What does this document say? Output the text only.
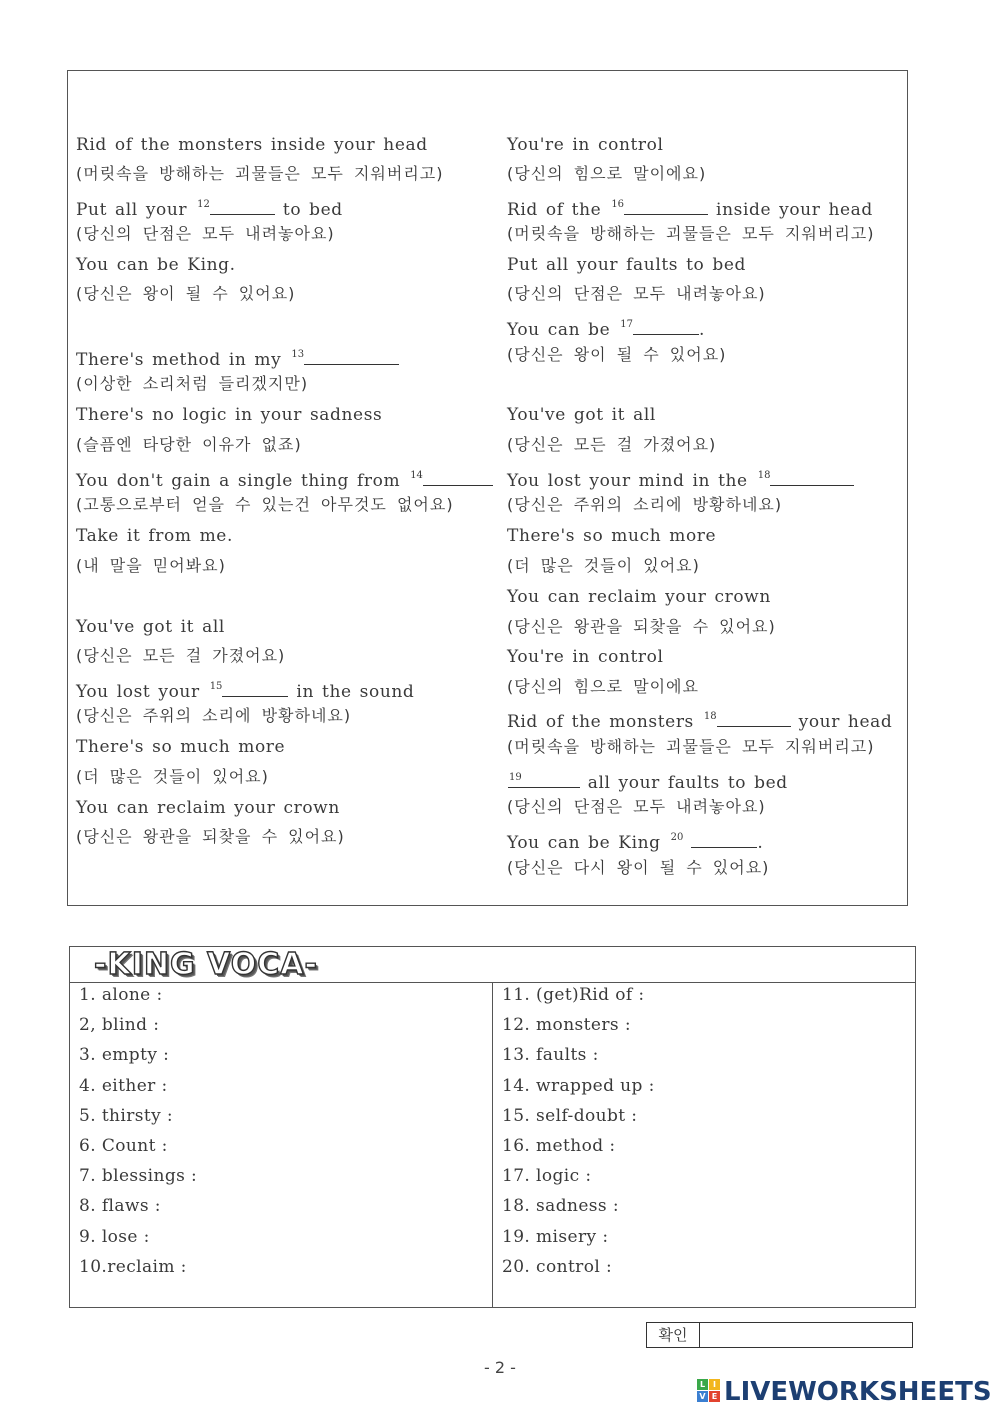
Rid of the monsters inside your head
(머릿속을 방해하는 괴물들은 모두 지워버리고)
Put all your $^{12}$	to bed
(당신의 단점은 모두 내려놓아요)
You can be King.
(당신은 왕이 될 수 있어요)
There's method in my $^{13}$
(이상한 소리처럼 들리겠지만)
There's no logic in your sadness
(슬픔엔 타당한 이유가 없죠)
You don't gain a single thing from $^{14}$
(고통으로부터 얻을 수 있는건 아무것도 없어요)
Take it from me.
(내 말을 믿어봐요)
You've got it all
(당신은 모든 걸 가졌어요)
You lost your $^{15}$	in the sound
(당신은 주위의 소리에 방황하네요)
There's so much more
(더 많은 것들이 있어요)
You can reclaim your crown
(당신은 왕관을 되찾을 수 있어요)
You're in control
(당신의 힘으로 말이에요)
Rid of the $^{16}$	inside your head
(머릿속을 방해하는 괴물들은 모두 지워버리고)
Put all your faults to bed
(당신의 단점은 모두 내려놓아요)
You can be $^{17}$	.
(당신은 왕이 될 수 있어요)
You've got it all
(당신은 모든 걸 가졌어요)
You lost your mind in the $^{18}$
(당신은 주위의 소리에 방황하네요)
There's so much more
(더 많은 것들이 있어요)
You can reclaim your crown
(당신은 왕관을 되찾을 수 있어요)
You're in control
(당신의 힘으로 말이에요
Rid of the monsters $^{18}$	your head
(머릿속을 방해하는 괴물들은 모두 지워버리고)
$^{19}$	all your faults to bed
(당신의 단점은 모두 내려놓아요)
You can be King $^{20}$	.
(당신은 다시 왕이 될 수 있어요)
-KING VOCA-
1. alone :
2, blind :
3. empty :
4. either :
5. thirsty :
6. Count :
7. blessings :
8. flaws :
9. lose :
10.reclaim :
11. (get)Rid of :
12. monsters :
13. faults :
14. wrapped up :
15. self-doubt :
16. method :
17. logic :
18. sadness :
19. misery :
20. control :
확인
- 2 -
L I
V E LIVEWORKSHEETS
